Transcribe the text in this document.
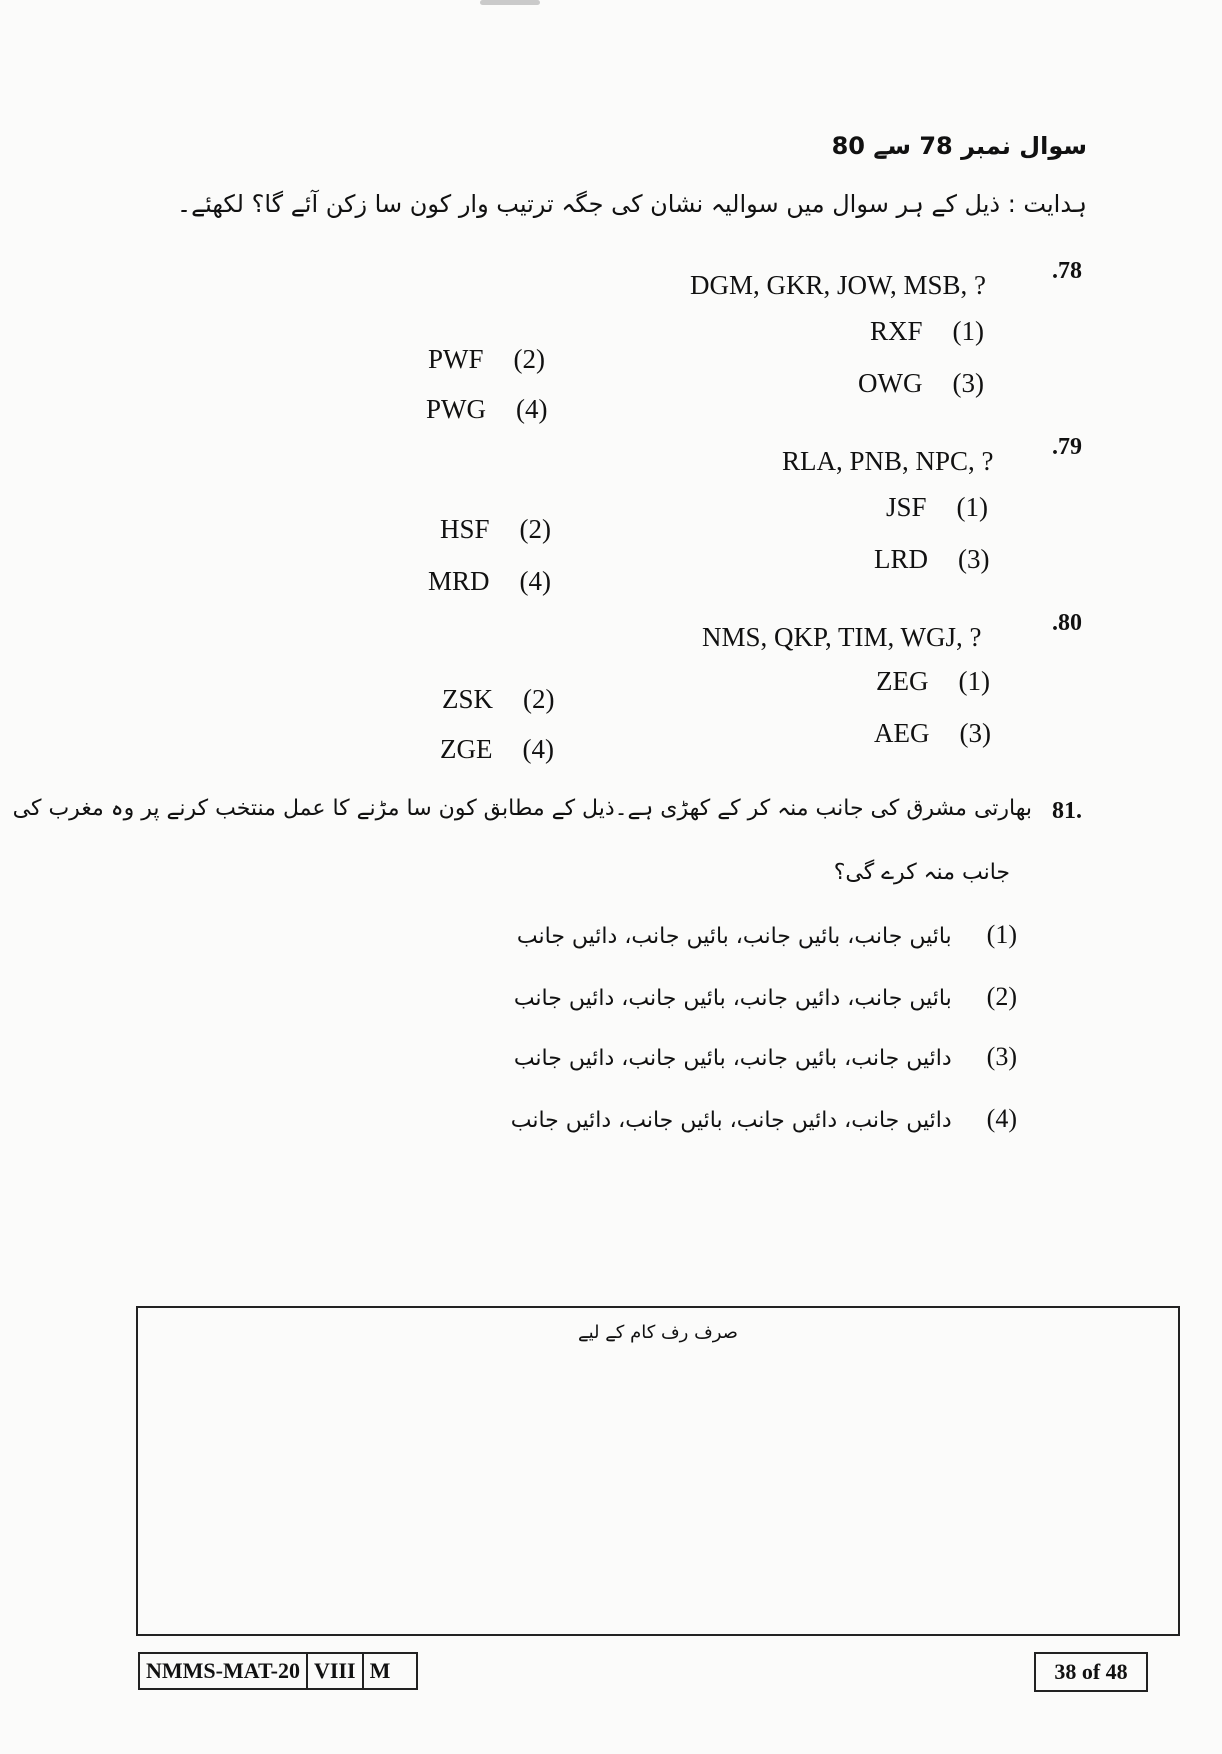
سوال نمبر 78 سے 80
ہدایت : ذیل کے ہر سوال میں سوالیہ نشان کی جگہ ترتیب وار کون سا زکن آئے گا؟ لکھئے۔
.78
DGM, GKR, JOW, MSB, ?
RXF (1)
PWF (2)
OWG (3)
PWG (4)
.79
RLA, PNB, NPC, ?
JSF (1)
HSF (2)
LRD (3)
MRD (4)
.80
NMS, QKP, TIM, WGJ, ?
ZEG (1)
ZSK (2)
AEG (3)
ZGE (4)
81.
بھارتی مشرق کی جانب منہ کر کے کھڑی ہے۔ذیل کے مطابق کون سا مڑنے کا عمل منتخب کرنے پر وہ مغرب کی
جانب منہ کرے گی؟
(1)     بائیں جانب، بائیں جانب، بائیں جانب، دائیں جانب
(2)     بائیں جانب، دائیں جانب، بائیں جانب، دائیں جانب
(3)     دائیں جانب، بائیں جانب، بائیں جانب، دائیں جانب
(4)     دائیں جانب، دائیں جانب، بائیں جانب، دائیں جانب
صرف رف کام کے لیے
NMMS-MAT-20 VIII M	38 of 48
